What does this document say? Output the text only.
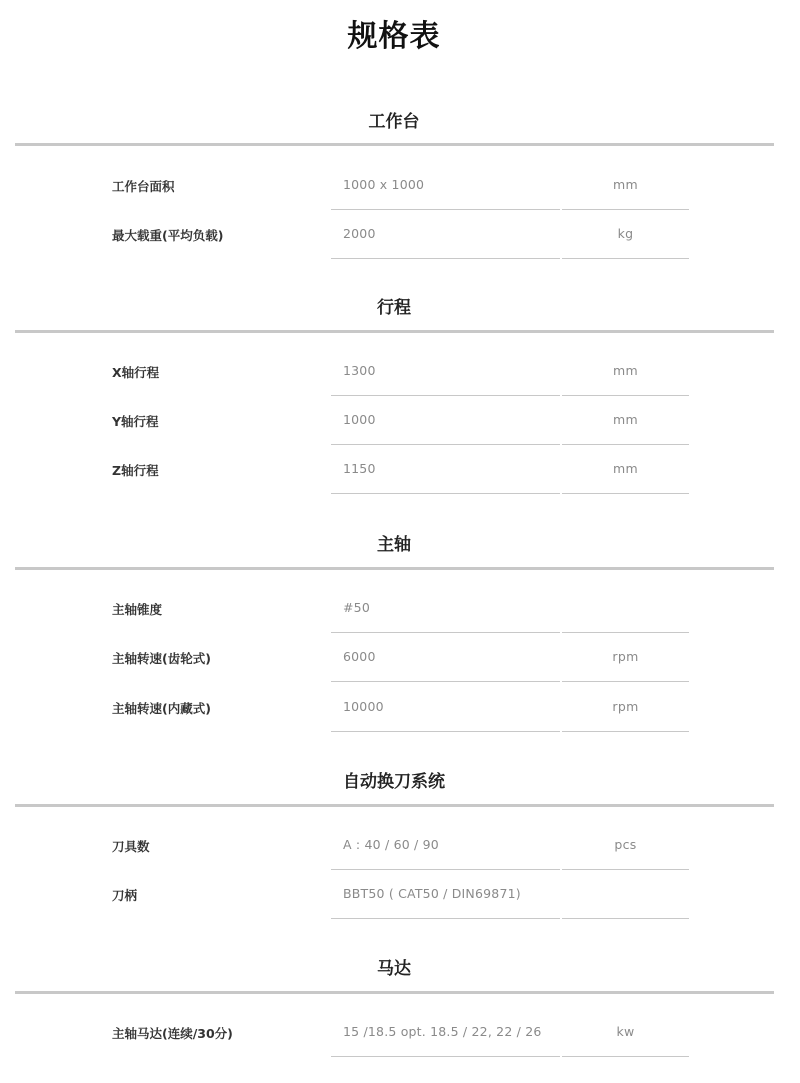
规格表
工作台
工作台面积	1000 x 1000	mm
最大载重(平均负载)	2000	kg
行程
X轴行程	1300	mm
Y轴行程	1000	mm
Z轴行程	1150	mm
主轴
主轴锥度	#50
主轴转速(齿轮式)	6000	rpm
主轴转速(内藏式)	10000	rpm
自动换刀系统
刀具数	A : 40 / 60 / 90	pcs
刀柄	BBT50 ( CAT50 / DIN69871)
马达
主轴马达(连续/30分)	15 /18.5 opt. 18.5 / 22, 22 / 26	kw
